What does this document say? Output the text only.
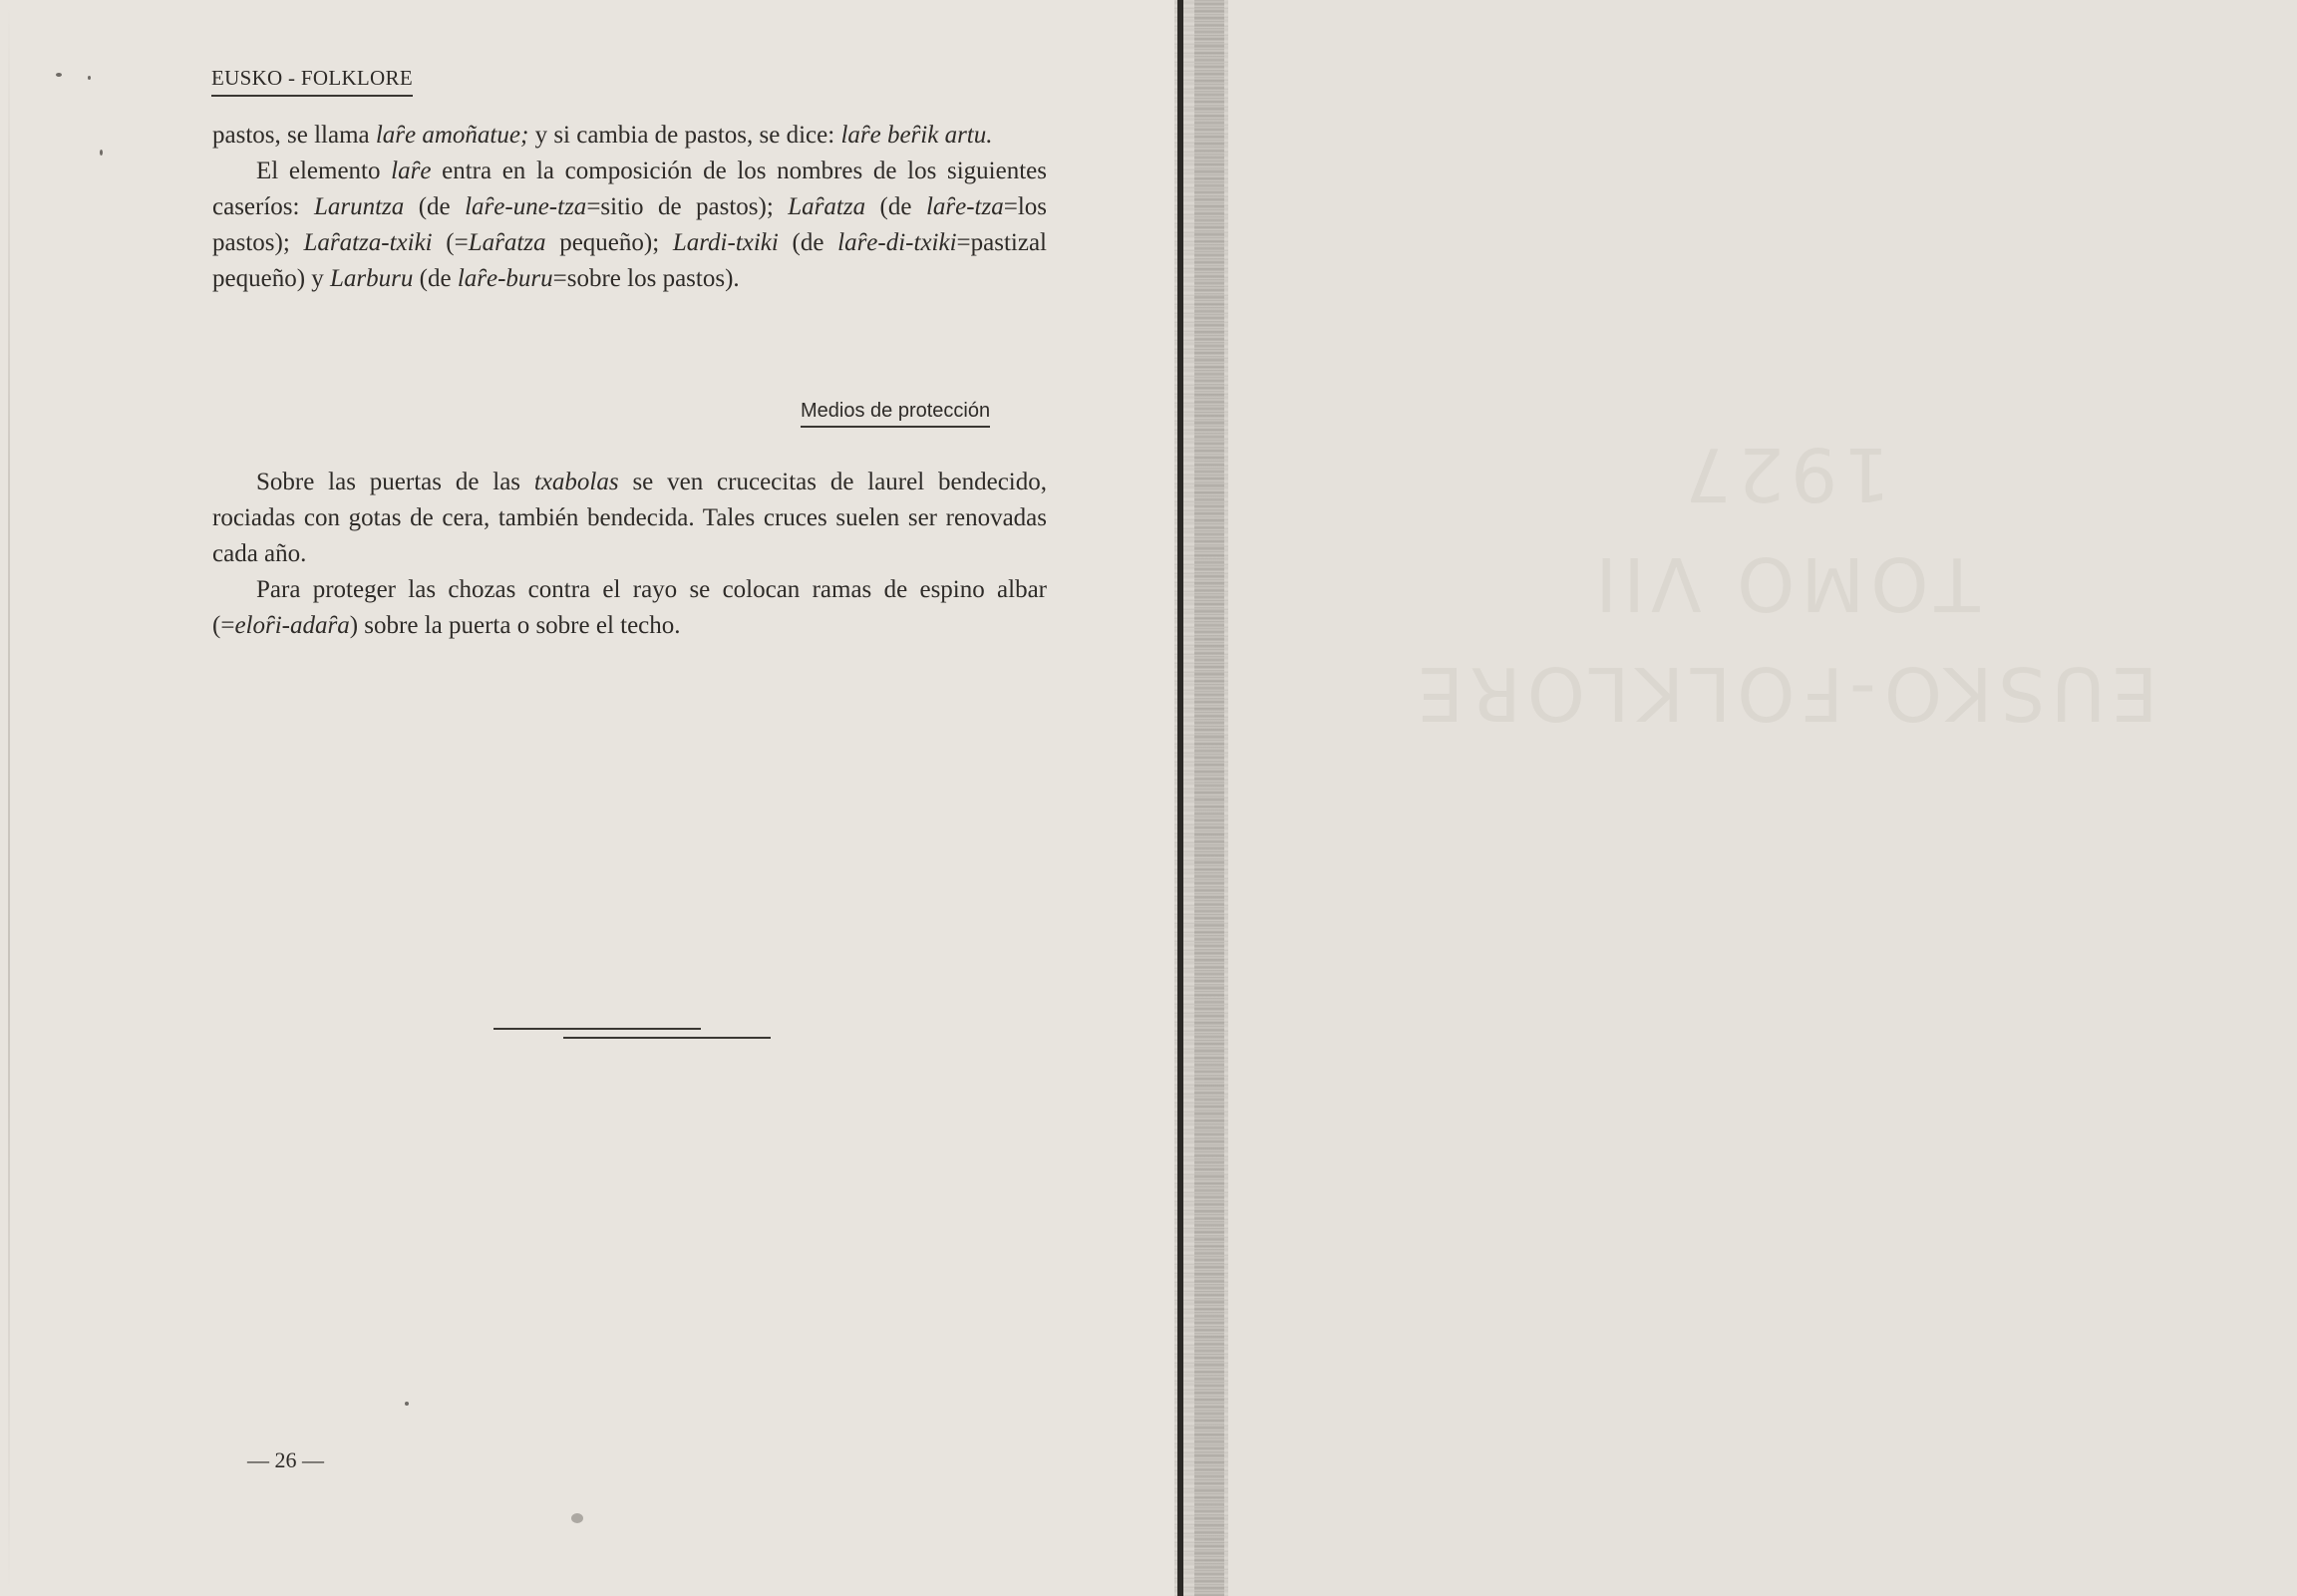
EUSKO - FOLKLORE

pastos, se llama laȓe amoñatue; y si cambia de pastos, se dice: laȓe beȓik artu.

El elemento laȓe entra en la composición de los nombres de los siguientes caseríos: Laruntza (de laȓe-une-tza=sitio de pastos); Laȓatza (de laȓe-tza=los pastos); Laȓatza-txiki (=Laȓatza pequeño); Lardi-txiki (de laȓe-di-txiki=pastizal pequeño) y Larburu (de laȓe-buru=sobre los pastos).

Medios de protección

Sobre las puertas de las txabolas se ven crucecitas de laurel bendecido, rociadas con gotas de cera, también bendecida. Tales cruces suelen ser renovadas cada año.

Para proteger las chozas contra el rayo se colocan ramas de espino albar (=eloȓi-adaȓa) sobre la puerta o sobre el techo.

— 26 —
EUSKO-FOLKLORE
TOMO VII
1927
